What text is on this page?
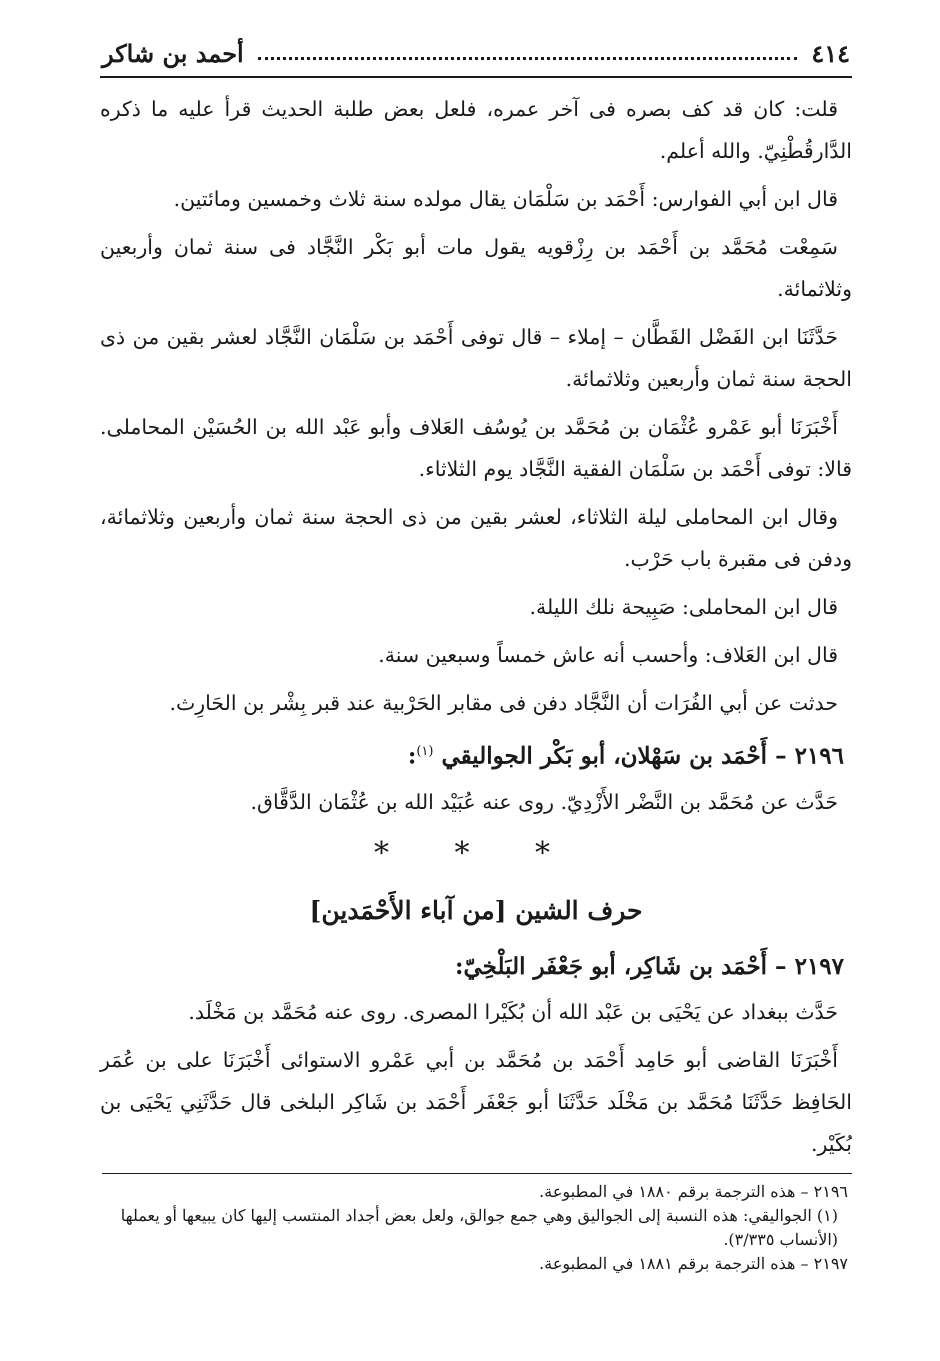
٤١٤
أحمد بن شاكر

قلت: كان قد كف بصره فى آخر عمره، فلعل بعض طلبة الحديث قرأ عليه ما ذكره الدَّارقُطْنِيّ. والله أعلم.

قال ابن أبي الفوارس: أَحْمَد بن سَلْمَان يقال مولده سنة ثلاث وخمسين ومائتين.

سَمِعْت مُحَمَّد بن أَحْمَد بن رِزْقويه يقول مات أبو بَكْر النَّجَّاد فى سنة ثمان وأربعين وثلاثمائة.

حَدَّثَنَا ابن الفَضْل القَطَّان – إملاء – قال توفى أَحْمَد بن سَلْمَان النَّجَّاد لعشر بقين من ذى الحجة سنة ثمان وأربعين وثلاثمائة.

أَخْبَرَنَا أبو عَمْرو عُثْمَان بن مُحَمَّد بن يُوسُف العَلاف وأبو عَبْد الله بن الحُسَيْن المحاملى. قالا: توفى أَحْمَد بن سَلْمَان الفقية النَّجَّاد يوم الثلاثاء.

وقال ابن المحاملى ليلة الثلاثاء، لعشر بقين من ذى الحجة سنة ثمان وأربعين وثلاثمائة، ودفن فى مقبرة باب حَرْب.

قال ابن المحاملى: صَبِيحة نلك الليلة.

قال ابن العَلاف: وأحسب أنه عاش خمساً وسبعين سنة.

حدثت عن أبي الفُرَات أن النَّجَّاد دفن فى مقابر الحَرْبية عند قبر بِشْر بن الحَارِث.

٢١٩٦ – أَحْمَد بن سَهْلان، أبو بَكْر الجواليقي $^{(١)}$:

حَدَّث عن مُحَمَّد بن النَّضْر الأَزْدِيّ. روى عنه عُبَيْد الله بن عُثْمَان الدَّقَّاق.

* * *
حرف الشين [من آباء الأَحْمَدين]
٢١٩٧ – أَحْمَد بن شَاكِر، أبو جَعْفَر البَلْخِيّ:

حَدَّث ببغداد عن يَحْيَى بن عَبْد الله أن بُكَيْرا المصرى. روى عنه مُحَمَّد بن مَخْلَد.

أَخْبَرَنَا القاضى أبو حَامِد أَحْمَد بن مُحَمَّد بن أبي عَمْرو الاستوائى أَخْبَرَنَا على بن عُمَر الحَافِظ حَدَّثَنَا مُحَمَّد بن مَخْلَد حَدَّثَنَا أبو جَعْفَر أَحْمَد بن شَاكِر البلخى قال حَدَّثَنِي يَحْيَى بن بُكَيْر.

٢١٩٦ – هذه الترجمة برقم ١٨٨٠ في المطبوعة.
(١) الجواليقي: هذه النسبة إلى الجواليق وهي جمع جوالق، ولعل بعض أجداد المنتسب إليها كان يبيعها أو يعملها (الأنساب ٣/٣٣٥).
٢١٩٧ – هذه الترجمة برقم ١٨٨١ في المطبوعة.
